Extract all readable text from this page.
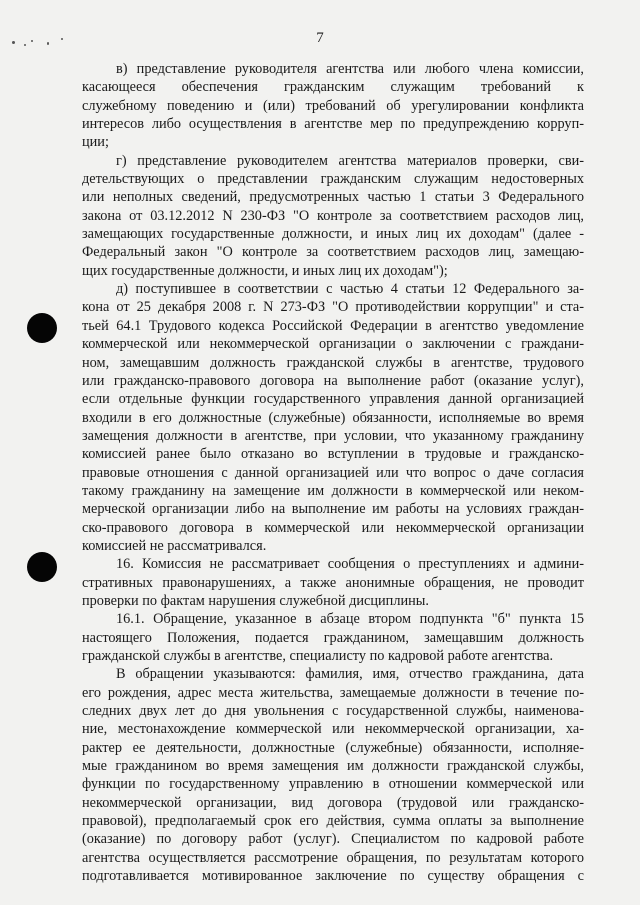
7
в) представление руководителя агентства или любого члена комиссии,
касающееся обеспечения гражданским служащим требований к
служебному поведению и (или) требований об урегулировании конфликта
интересов либо осуществления в агентстве мер по предупреждению корруп-
ции;
г) представление руководителем агентства материалов проверки, сви-
детельствующих о представлении гражданским служащим недостоверных
или неполных сведений, предусмотренных частью 1 статьи 3 Федерального
закона от 03.12.2012 N 230-ФЗ "О контроле за соответствием расходов лиц,
замещающих государственные должности, и иных лиц их доходам" (далее -
Федеральный закон "О контроле за соответствием расходов лиц, замещаю-
щих государственные должности, и иных лиц их доходам");
д) поступившее в соответствии с частью 4 статьи 12 Федерального за-
кона от 25 декабря 2008 г. N 273-ФЗ "О противодействии коррупции" и ста-
тьей 64.1 Трудового кодекса Российской Федерации в агентство уведомление
коммерческой или некоммерческой организации о заключении с граждани-
ном, замещавшим должность гражданской службы в агентстве, трудового
или гражданско-правового договора на выполнение работ (оказание услуг),
если отдельные функции государственного управления данной организацией
входили в его должностные (служебные) обязанности, исполняемые во время
замещения должности в агентстве, при условии, что указанному гражданину
комиссией ранее было отказано во вступлении в трудовые и гражданско-
правовые отношения с данной организацией или что вопрос о даче согласия
такому гражданину на замещение им должности в коммерческой или неком-
мерческой организации либо на выполнение им работы на условиях граждан-
ско-правового договора в коммерческой или некоммерческой организации
комиссией не рассматривался.
16. Комиссия не рассматривает сообщения о преступлениях и админи-
стративных правонарушениях, а также анонимные обращения, не проводит
проверки по фактам нарушения служебной дисциплины.
16.1. Обращение, указанное в абзаце втором подпункта "б" пункта 15
настоящего Положения, подается гражданином, замещавшим должность
гражданской службы в агентстве, специалисту по кадровой работе агентства.
В обращении указываются: фамилия, имя, отчество гражданина, дата
его рождения, адрес места жительства, замещаемые должности в течение по-
следних двух лет до дня увольнения с государственной службы, наименова-
ние, местонахождение коммерческой или некоммерческой организации, ха-
рактер ее деятельности, должностные (служебные) обязанности, исполняе-
мые гражданином во время замещения им должности гражданской службы,
функции по государственному управлению в отношении коммерческой или
некоммерческой организации, вид договора (трудовой или гражданско-
правовой), предполагаемый срок его действия, сумма оплаты за выполнение
(оказание) по договору работ (услуг). Специалистом по кадровой работе
агентства осуществляется рассмотрение обращения, по результатам которого
подготавливается мотивированное заключение по существу обращения с
